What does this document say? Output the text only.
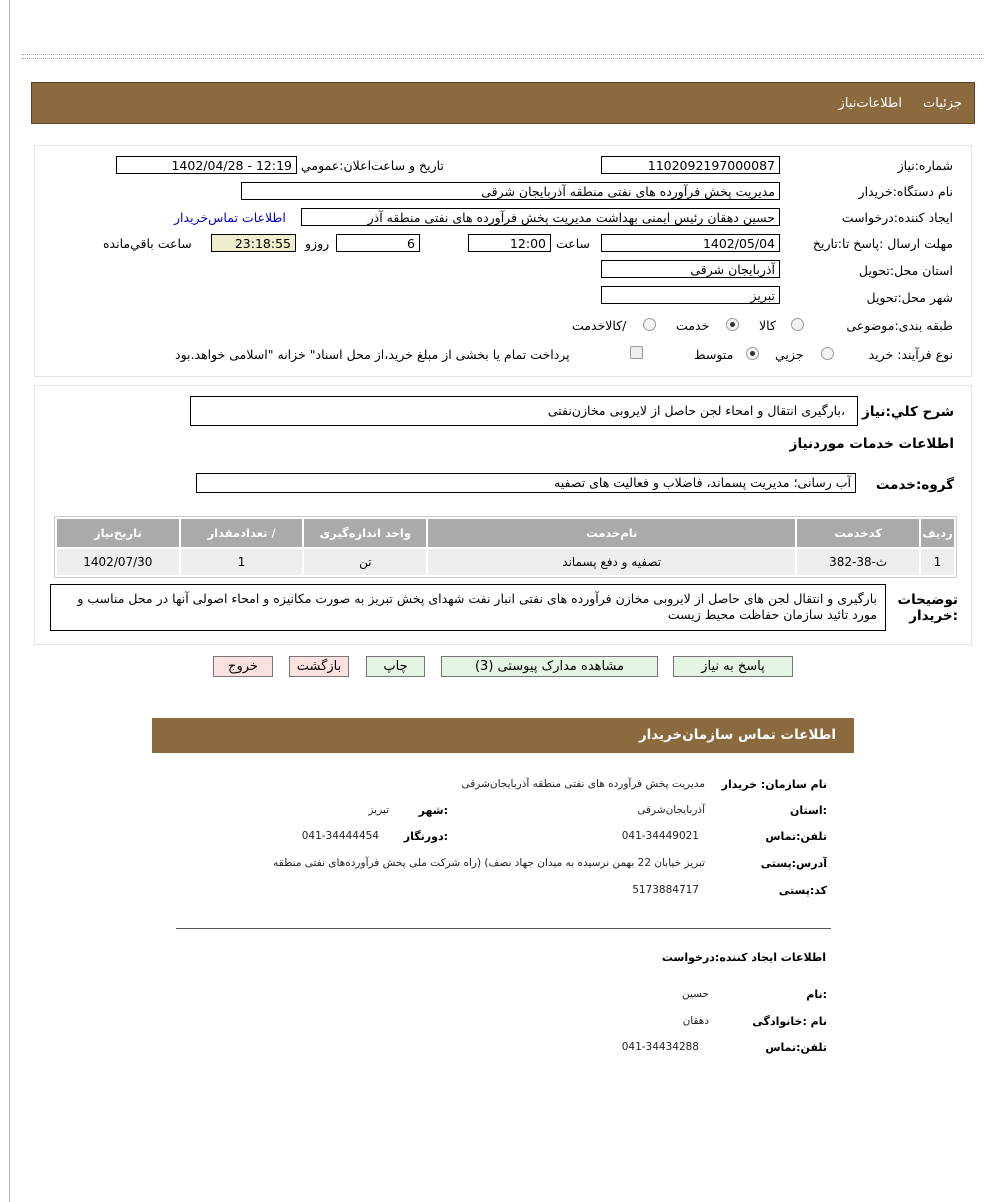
جزئيات
اطلاعات‌نیاز
شماره:نیاز
1102092197000087
تاریخ و ساعت‌اعلان:عمومي
1402/04/28 - 12:19
نام دستگاه:خریدار
مدیریت پخش فرآورده های نفتی منطقه آذربایجان شرقی
ایجاد کننده:درخواست
حسین دهقان رئیس ایمنی بهداشت مدیریت پخش فرآورده های نفتی منطقه آذر
اطلاعات تماس‌خریدار
مهلت ارسال :پاسخ تا:تاریخ
1402/05/04
ساعت
12:00
6
روزو
23:18:55
ساعت باقي‌مانده
استان محل:تحویل
آذربایجان شرقی
شهر محل:تحویل
تبریز
طبقه بندی:موضوعی
کالا
خدمت
/کالاخدمت
نوع فرآیند: خرید
جزیي
متوسط
پرداخت تمام یا بخشی از مبلغ خرید،از محل اسناد" خزانه "اسلامی خواهد.بود
شرح کلي:نیاز
،بارگیری انتقال و امحاء لجن حاصل از لایروبی مخازن‌نفتی
اطلاعات خدمات موردنیاز
گروه:خدمت
آب رسانی؛ مدیریت پسماند، فاضلاب و فعالیت های تصفیه
ردیف	کدخدمت	نام‌خدمت	واحد اندازه‌گیری	/ تعدادمقدار	تاریخ‌نیاز
1	ث-38-382	تصفیه و دفع پسماند	تن	1	1402/07/30
توضیحات :خریدار
بارگیری و انتقال لجن های حاصل از لایروبی مخازن فرآورده های نفتی انبار نفت شهدای پخش تبریز به صورت مکانیزه و امحاء اصولی آنها در محل مناسب و مورد تائید سازمان حفاظت محیط زیست
پاسخ به نیاز
مشاهده مدارک پیوستی (3)
چاپ
بازگشت
خروج
اطلاعات تماس سازمان‌خریدار
نام سازمان: خریدار
مدیریت پخش فرآورده های نفتی منطقه آذربایجان‌شرقی
:استان
آذربایجان‌شرقی
:شهر
تبریز
تلفن:تماس
041-34449021
:دورنگار
041-34444454
آدرس:پستی
تبریز خیابان 22 بهمن نرسیده به میدان جهاد نصف) (راه شرکت ملی پخش فرآورده‌های نفتی منطقه
کد:پستی
5173884717
اطلاعات ایجاد کننده:درخواست
:نام
حسین
نام :خانوادگی
دهقان
تلفن:تماس
041-34434288
